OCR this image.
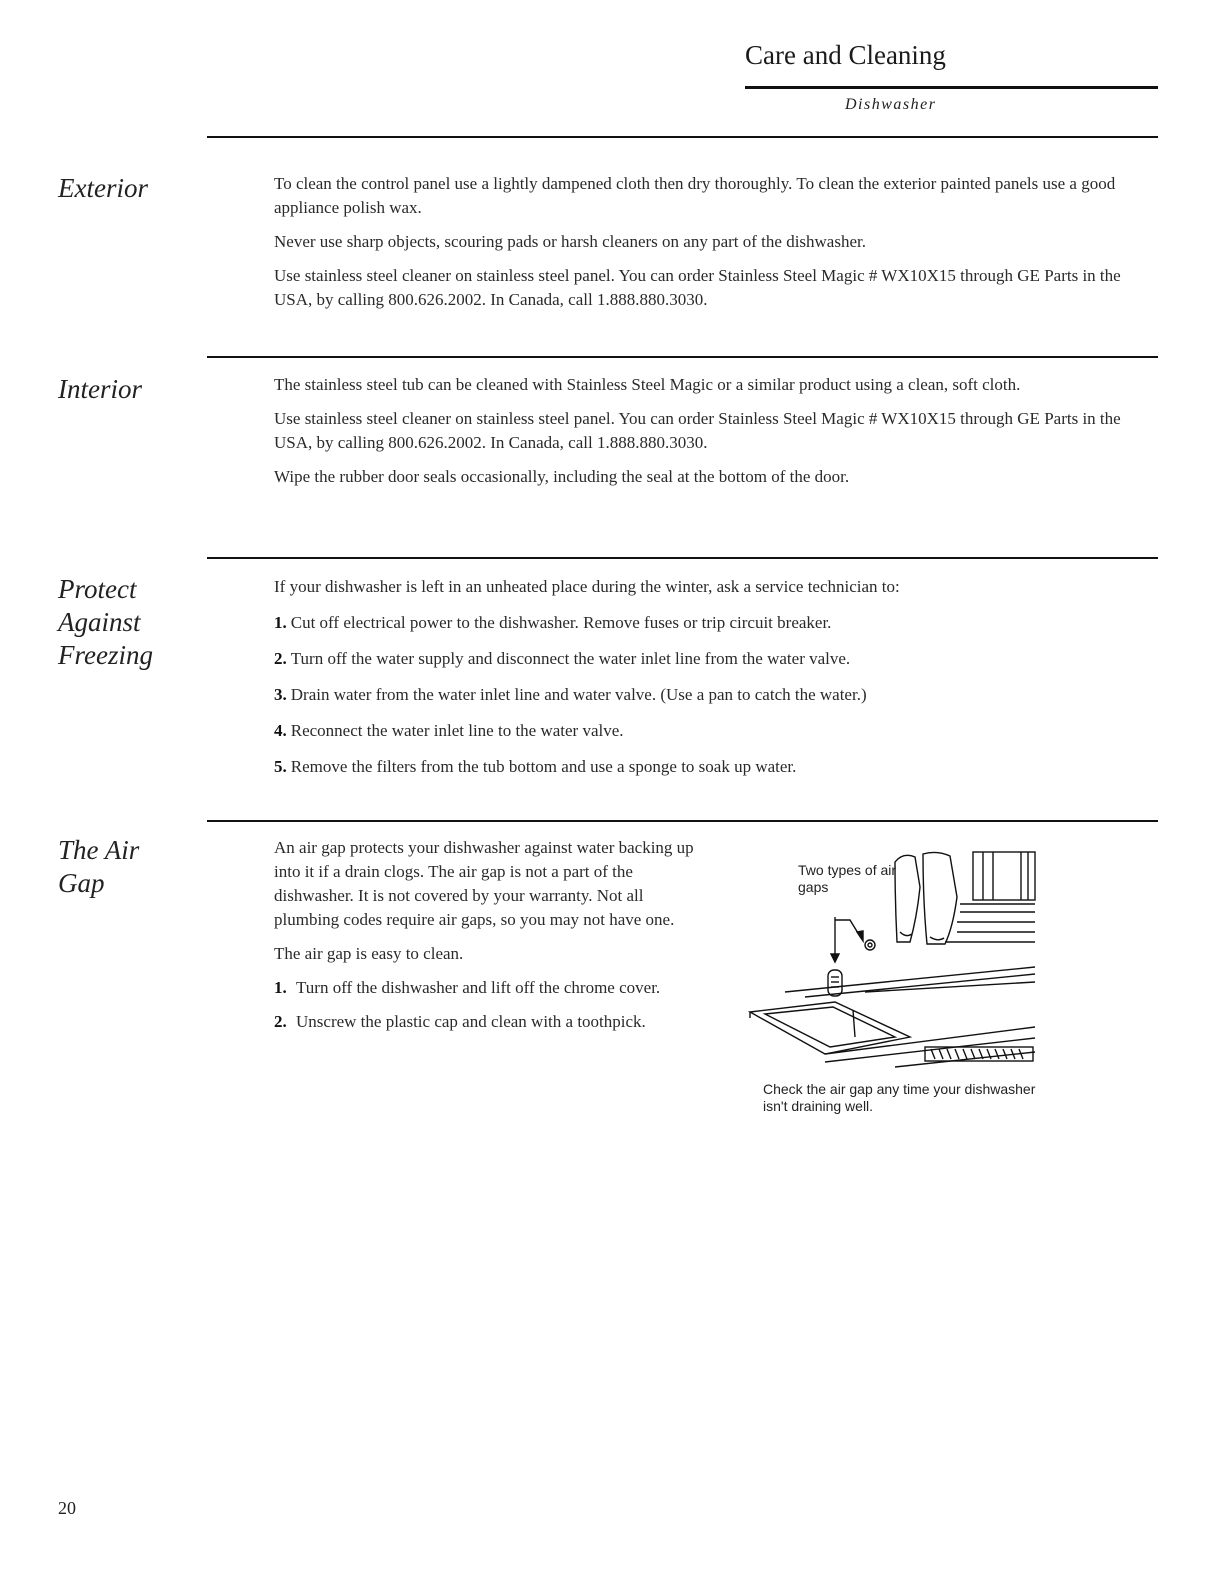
Care and Cleaning
Dishwasher
Exterior	To clean the control panel use a lightly dampened cloth then dry thoroughly. To clean the exterior painted panels use a good appliance polish wax.

Never use sharp objects, scouring pads or harsh cleaners on any part of the dishwasher.

Use stainless steel cleaner on stainless steel panel. You can order Stainless Steel Magic # WX10X15 through GE Parts in the USA, by calling 800.626.2002. In Canada, call 1.888.880.3030.

Interior	The stainless steel tub can be cleaned with Stainless Steel Magic or a similar product using a clean, soft cloth.

Use stainless steel cleaner on stainless steel panel. You can order Stainless Steel Magic # WX10X15 through GE Parts in the USA, by calling 800.626.2002. In Canada, call 1.888.880.3030.

Wipe the rubber door seals occasionally, including the seal at the bottom of the door.

Protect
Against
Freezing

If your dishwasher is left in an unheated place during the winter, ask a service technician to:

1. Cut off electrical power to the dishwasher. Remove fuses or trip circuit breaker.
2. Turn off the water supply and disconnect the water inlet line from the water valve.
3. Drain water from the water inlet line and water valve. (Use a pan to catch the water.)
4. Reconnect the water inlet line to the water valve.
5. Remove the filters from the tub bottom and use a sponge to soak up water.
The Air
Gap

An air gap protects your dishwasher against water backing up into it if a drain clogs. The air gap is not a part of the dishwasher. It is not covered by your warranty. Not all plumbing codes require air gaps, so you may not have one.

The air gap is easy to clean.

1. Turn off the dishwasher and lift off the chrome cover.
2. Unscrew the plastic cap and clean with a toothpick.
Two types of air gaps
Check the air gap any time your dishwasher isn't draining well.
20
